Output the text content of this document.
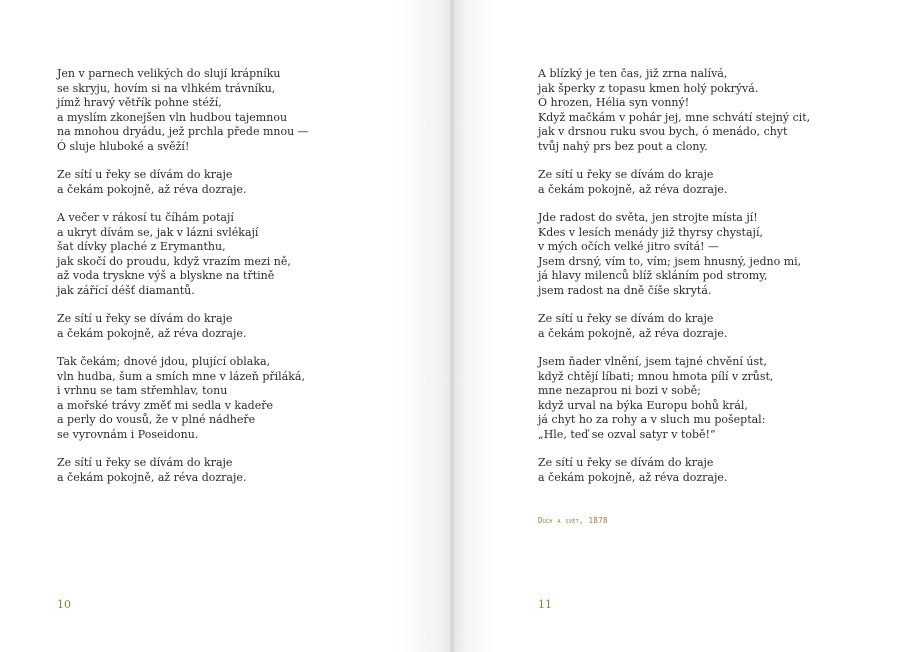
Jen v parnech velikých do slují krápníku
se skryju, hovím si na vlhkém trávníku,
jímž hravý větřík pohne stéží,
a myslím zkonejšen vln hudbou tajemnou
na mnohou dryádu, jež prchla přede mnou —
Ó sluje hluboké a svěží!
Ze sítí u řeky se dívám do kraje
a čekám pokojně, až réva dozraje.
A večer v rákosí tu číhám potají
a ukryt dívám se, jak v lázni svlékají
šat dívky plaché z Erymanthu,
jak skočí do proudu, když vrazím mezi ně,
až voda tryskne výš a blyskne na třtině
jak zářící déšť diamantů.
Ze sítí u řeky se dívám do kraje
a čekám pokojně, až réva dozraje.
Tak čekám; dnové jdou, plující oblaka,
vln hudba, šum a smích mne v lázeň přiláká,
i vrhnu se tam střemhlav, tonu
a mořské trávy změť mi sedla v kadeře
a perly do vousů, že v plné nádheře
se vyrovnám i Poseidonu.
Ze sítí u řeky se dívám do kraje
a čekám pokojně, až réva dozraje.
10
A blízký je ten čas, již zrna nalívá,
jak šperky z topasu kmen holý pokrývá.
Ó hrozen, Hélia syn vonný!
Když mačkám v pohár jej, mne schvátí stejný cit,
jak v drsnou ruku svou bych, ó menádo, chyt
tvůj nahý prs bez pout a clony.
Ze sítí u řeky se dívám do kraje
a čekám pokojně, až réva dozraje.
Jde radost do světa, jen strojte místa jí!
Kdes v lesích menády již thyrsy chystají,
v mých očích velké jitro svítá! —
Jsem drsný, vím to, vím; jsem hnusný, jedno mi,
já hlavy milenců blíž skláním pod stromy,
jsem radost na dně číše skrytá.
Ze sítí u řeky se dívám do kraje
a čekám pokojně, až réva dozraje.
Jsem ňader vlnění, jsem tajné chvění úst,
když chtějí líbati; mnou hmota pílí v zrůst,
mne nezaprou ni bozi v sobě;
když urval na býka Europu bohů král,
já chyt ho za rohy a v sluch mu pošeptal:
„Hle, teď se ozval satyr v tobě!“
Ze sítí u řeky se dívám do kraje
a čekám pokojně, až réva dozraje.
Duch a svět, 1878
11
